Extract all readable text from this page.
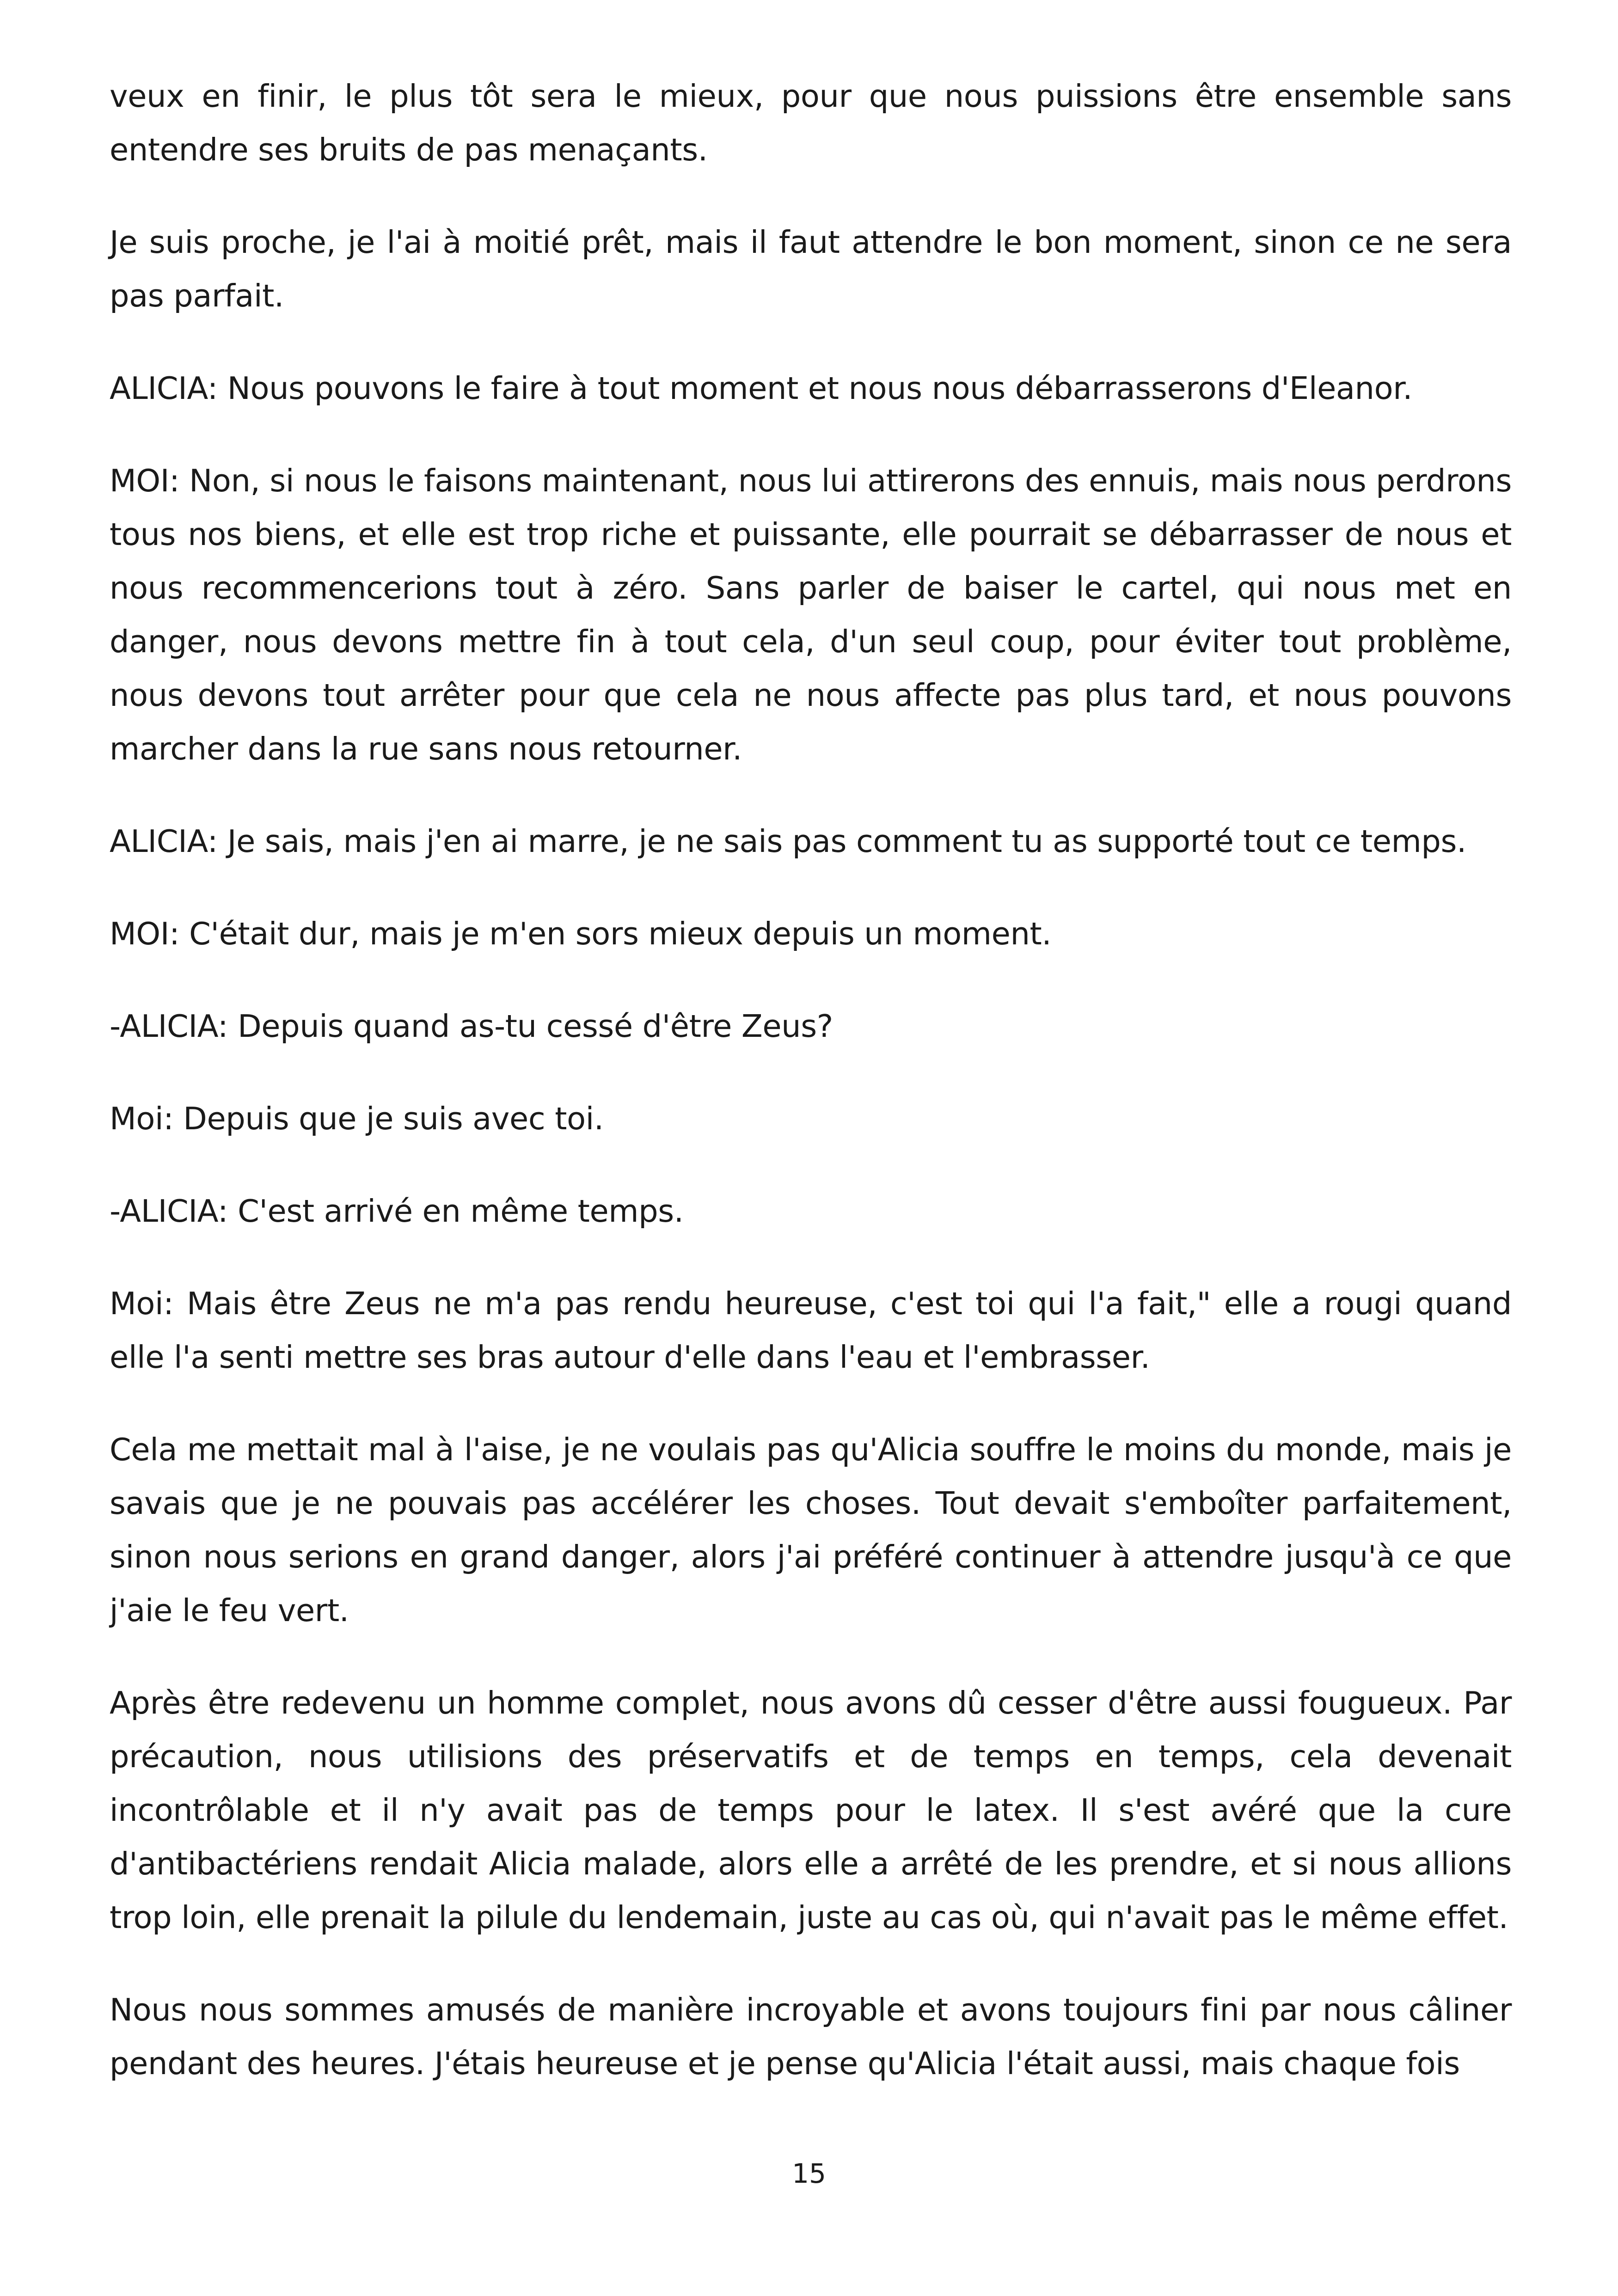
veux en finir, le plus tôt sera le mieux, pour que nous puissions être ensemble sans entendre ses bruits de pas menaçants.

Je suis proche, je l'ai à moitié prêt, mais il faut attendre le bon moment, sinon ce ne sera pas parfait.

ALICIA: Nous pouvons le faire à tout moment et nous nous débarrasserons d'Eleanor.

MOI: Non, si nous le faisons maintenant, nous lui attirerons des ennuis, mais nous perdrons tous nos biens, et elle est trop riche et puissante, elle pourrait se débarrasser de nous et nous recommencerions tout à zéro. Sans parler de baiser le cartel, qui nous met en danger, nous devons mettre fin à tout cela, d'un seul coup, pour éviter tout problème, nous devons tout arrêter pour que cela ne nous affecte pas plus tard, et nous pouvons marcher dans la rue sans nous retourner.

ALICIA: Je sais, mais j'en ai marre, je ne sais pas comment tu as supporté tout ce temps.

MOI: C'était dur, mais je m'en sors mieux depuis un moment.

-ALICIA: Depuis quand as-tu cessé d'être Zeus?

Moi: Depuis que je suis avec toi.

-ALICIA: C'est arrivé en même temps.

Moi: Mais être Zeus ne m'a pas rendu heureuse, c'est toi qui l'a fait," elle a rougi quand elle l'a senti mettre ses bras autour d'elle dans l'eau et l'embrasser.

Cela me mettait mal à l'aise, je ne voulais pas qu'Alicia souffre le moins du monde, mais je savais que je ne pouvais pas accélérer les choses. Tout devait s'emboîter parfaitement, sinon nous serions en grand danger, alors j'ai préféré continuer à attendre jusqu'à ce que j'aie le feu vert.

Après être redevenu un homme complet, nous avons dû cesser d'être aussi fougueux. Par précaution, nous utilisions des préservatifs et de temps en temps, cela devenait incontrôlable et il n'y avait pas de temps pour le latex. Il s'est avéré que la cure d'antibactériens rendait Alicia malade, alors elle a arrêté de les prendre, et si nous allions trop loin, elle prenait la pilule du lendemain, juste au cas où, qui n'avait pas le même effet.

Nous nous sommes amusés de manière incroyable et avons toujours fini par nous câliner pendant des heures. J'étais heureuse et je pense qu'Alicia l'était aussi, mais chaque fois

15
